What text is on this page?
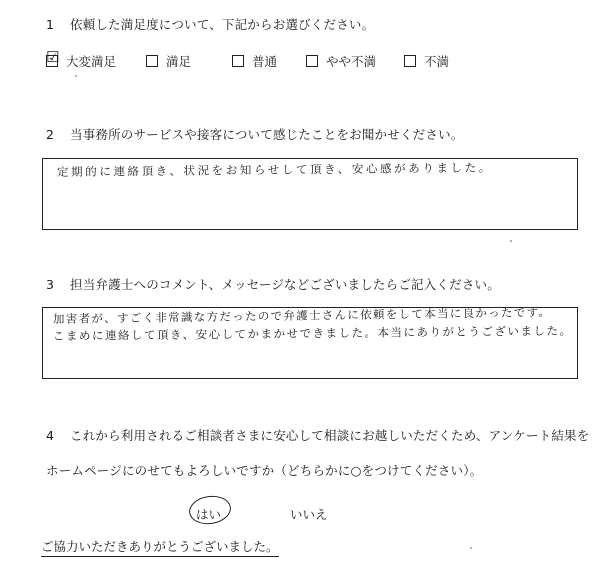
1 依頼した満足度について、下記からお選びください。
☑ 大変満足	満足	普通	やや不満	不満
2 当事務所のサービスや接客について感じたことをお聞かせください。
定期的に連絡頂き、状況をお知らせして頂き、安心感がありました。
3 担当弁護士へのコメント、メッセージなどございましたらご記入ください。
加害者が、すごく非常識な方だったので弁護士さんに依頼をして本当に良かったです。
こまめに連絡して頂き、安心してかまかせできました。本当にありがとうございました。
4 これから利用されるご相談者さまに安心して相談にお越しいただくため、アンケート結果を
ホームページにのせてもよろしいですか（どちらかに○をつけてください）。
はい	いいえ
ご協力いただきありがとうございました。
